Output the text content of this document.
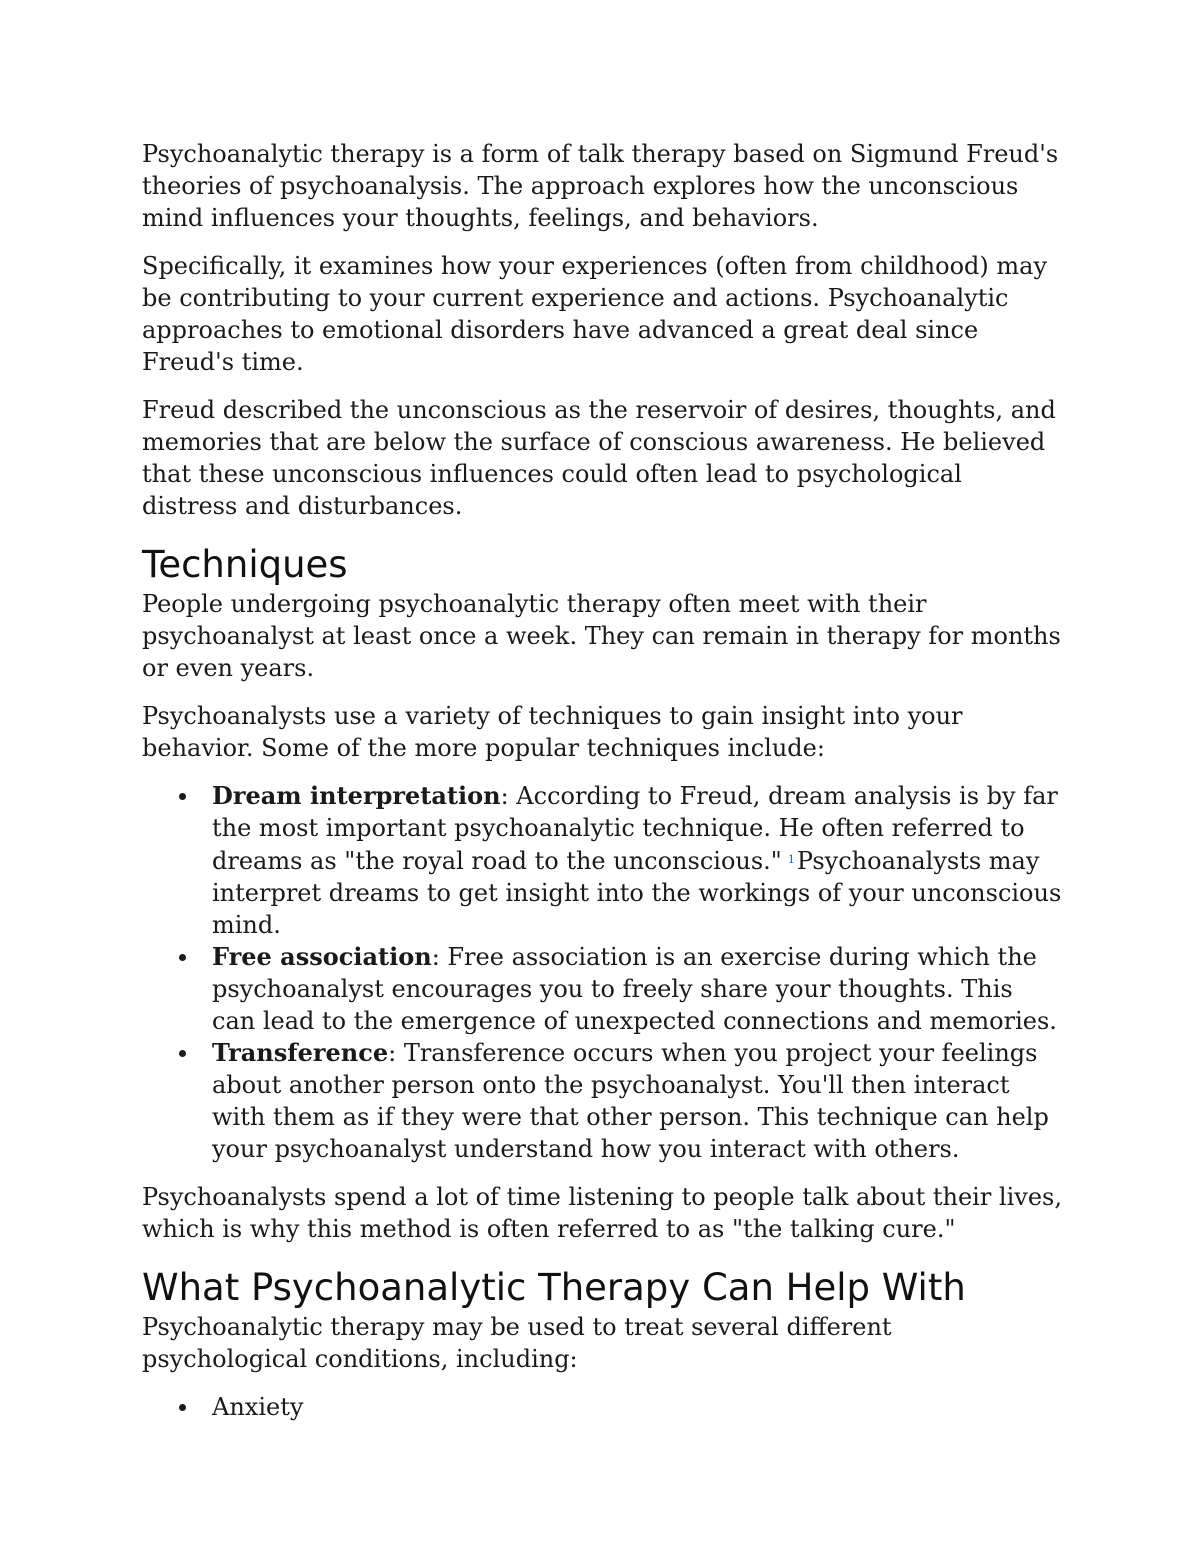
Psychoanalytic therapy is a form of talk therapy based on Sigmund Freud's theories of psychoanalysis. The approach explores how the unconscious mind influences your thoughts, feelings, and behaviors.

Specifically, it examines how your experiences (often from childhood) may be contributing to your current experience and actions. Psychoanalytic approaches to emotional disorders have advanced a great deal since Freud's time.

Freud described the unconscious as the reservoir of desires, thoughts, and memories that are below the surface of conscious awareness. He believed that these unconscious influences could often lead to psychological distress and disturbances.

Techniques

People undergoing psychoanalytic therapy often meet with their psychoanalyst at least once a week. They can remain in therapy for months or even years.

Psychoanalysts use a variety of techniques to gain insight into your behavior. Some of the more popular techniques include:

Dream interpretation: According to Freud, dream analysis is by far the most important psychoanalytic technique. He often referred to dreams as "the royal road to the unconscious." $^1$Psychoanalysts may interpret dreams to get insight into the workings of your unconscious mind.
Free association: Free association is an exercise during which the psychoanalyst encourages you to freely share your thoughts. This can lead to the emergence of unexpected connections and memories.
Transference: Transference occurs when you project your feelings about another person onto the psychoanalyst. You'll then interact with them as if they were that other person. This technique can help your psychoanalyst understand how you interact with others.

Psychoanalysts spend a lot of time listening to people talk about their lives, which is why this method is often referred to as "the talking cure."

What Psychoanalytic Therapy Can Help With

Psychoanalytic therapy may be used to treat several different psychological conditions, including:

Anxiety
